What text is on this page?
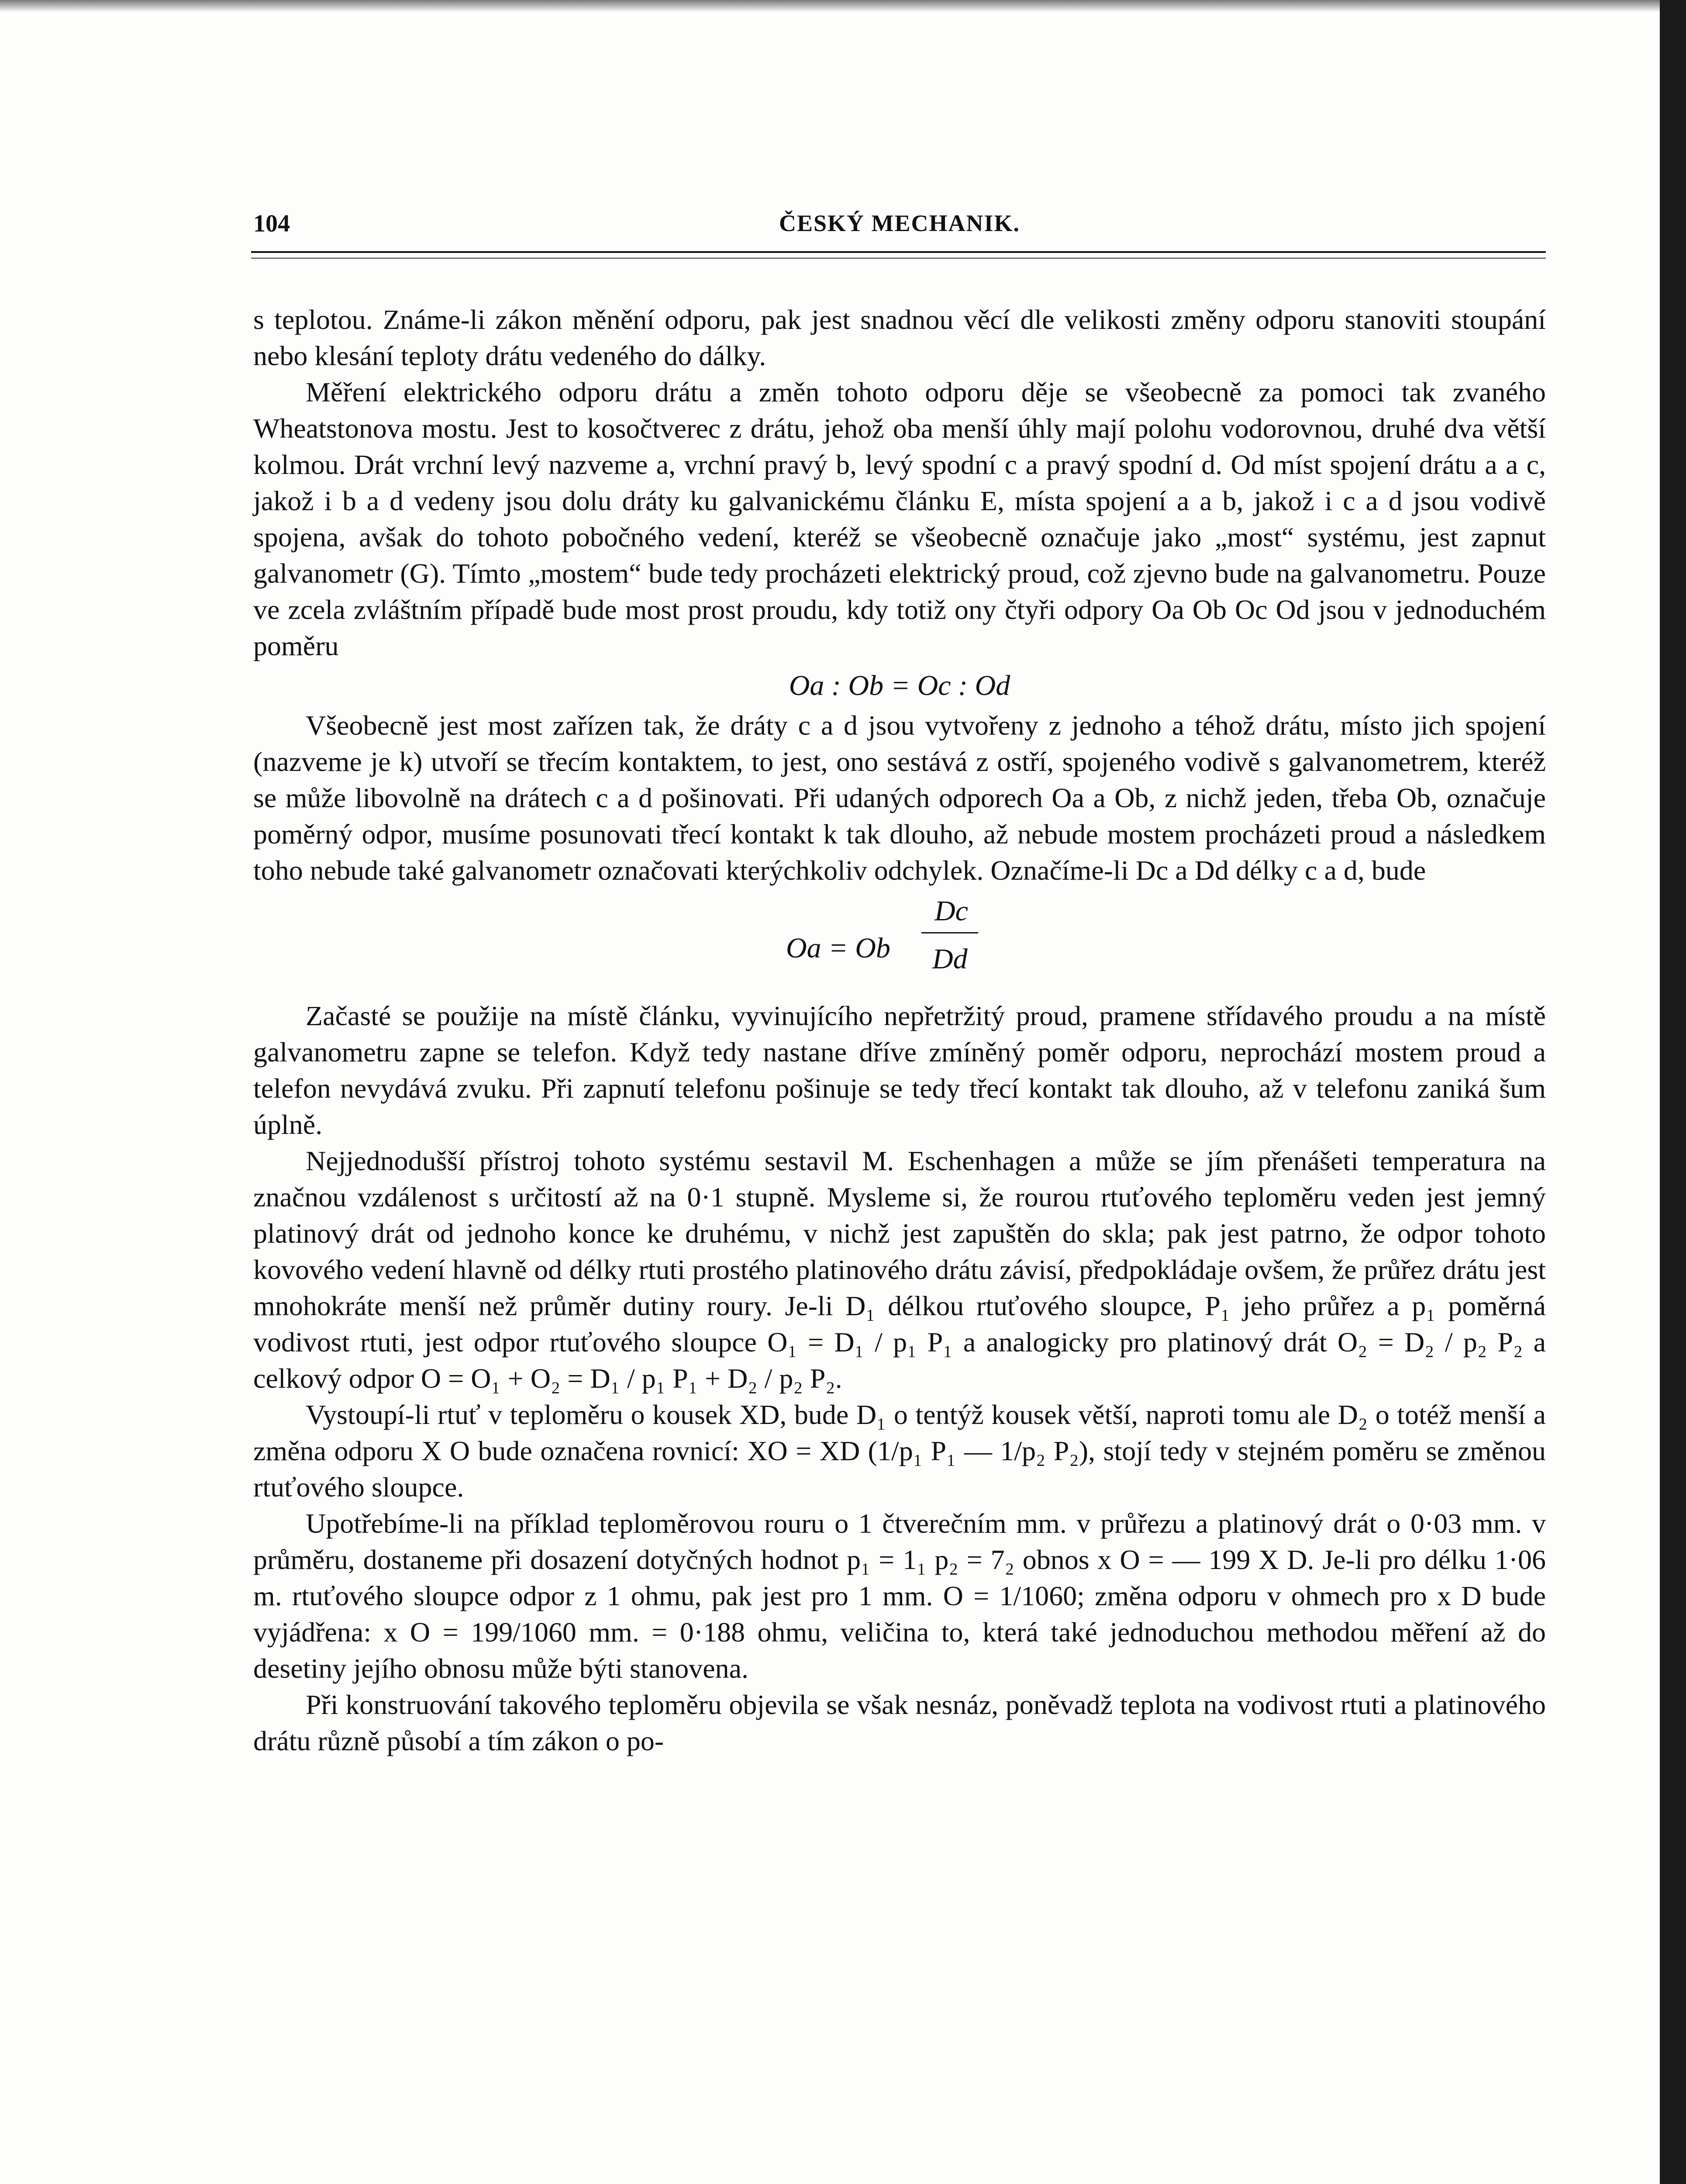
104	ČESKÝ MECHANIK.

s teplotou. Známe-li zákon měnění odporu, pak jest snadnou věcí dle velikosti změny odporu stanoviti stoupání nebo klesání teploty drátu vedeného do dálky.

Měření elektrického odporu drátu a změn tohoto odporu děje se všeobecně za pomoci tak zvaného Wheatstonova mostu. Jest to kosočtverec z drátu, jehož oba menší úhly mají polohu vodorovnou, druhé dva větší kolmou. Drát vrchní levý nazveme a, vrchní pravý b, levý spodní c a pravý spodní d. Od míst spojení drátu a a c, jakož i b a d vedeny jsou dolu dráty ku galvanickému článku E, místa spojení a a b, jakož i c a d jsou vodivě spojena, avšak do tohoto pobočného vedení, kteréž se všeobecně označuje jako „most“ systému, jest zapnut galvanometr (G). Tímto „mostem“ bude tedy procházeti elektrický proud, což zjevno bude na galvanometru. Pouze ve zcela zvláštním případě bude most prost proudu, kdy totiž ony čtyři odpory Oa Ob Oc Od jsou v jednoduchém poměru

Oa : Ob = Oc : Od

Všeobecně jest most zařízen tak, že dráty c a d jsou vytvořeny z jednoho a téhož drátu, místo jich spojení (nazveme je k) utvoří se třecím kontaktem, to jest, ono sestává z ostří, spojeného vodivě s galvanometrem, kteréž se může libovolně na drátech c a d pošinovati. Při udaných odporech Oa a Ob, z nichž jeden, třeba Ob, označuje poměrný odpor, musíme posunovati třecí kontakt k tak dlouho, až nebude mostem procházeti proud a následkem toho nebude také galvanometr označovati kterýchkoliv odchylek. Označíme-li Dc a Dd délky c a d, bude

Oa = Ob
Dc
Dd

Začasté se použije na místě článku, vyvinujícího nepřetržitý proud, pramene střídavého proudu a na místě galvanometru zapne se telefon. Když tedy nastane dříve zmíněný poměr odporu, neprochází mostem proud a telefon nevydává zvuku. Při zapnutí telefonu pošinuje se tedy třecí kontakt tak dlouho, až v telefonu zaniká šum úplně.

Nejjednodušší přístroj tohoto systému sestavil M. Eschenhagen a může se jím přenášeti temperatura na značnou vzdálenost s určitostí až na 0·1 stupně. Mysleme si, že rourou rtuťového teploměru veden jest jemný platinový drát od jednoho konce ke druhému, v nichž jest zapuštěn do skla; pak jest patrno, že odpor tohoto kovového vedení hlavně od délky rtuti prostého platinového drátu závisí, předpokládaje ovšem, že průřez drátu jest mnohokráte menší než průměr dutiny roury. Je-li D₁ délkou rtuťového sloupce, P₁ jeho průřez a p₁ poměrná vodivost rtuti, jest odpor rtuťového sloupce O₁ = D₁ / p₁ P₁ a analogicky pro platinový drát O₂ = D₂ / p₂ P₂ a celkový odpor O = O₁ + O₂ = D₁ / p₁ P₁ + D₂ / p₂ P₂.

Vystoupí-li rtuť v teploměru o kousek XD, bude D₁ o tentýž kousek větší, naproti tomu ale D₂ o totéž menší a změna odporu X O bude označena rovnicí: XO = XD (1/p₁ P₁ — 1/p₂ P₂), stojí tedy v stejném poměru se změnou rtuťového sloupce.

Upotřebíme-li na příklad teploměrovou rouru o 1 čtverečním mm. v průřezu a platinový drát o 0·03 mm. v průměru, dostaneme při dosazení dotyčných hodnot p₁ = 1₁ p₂ = 7₂ obnos x O = — 199 X D. Je-li pro délku 1·06 m. rtuťového sloupce odpor z 1 ohmu, pak jest pro 1 mm. O = 1/1060; změna odporu v ohmech pro x D bude vyjádřena: x O = 199/1060 mm. = 0·188 ohmu, veličina to, která také jednoduchou methodou měření až do desetiny jejího obnosu může býti stanovena.

Při konstruování takového teploměru objevila se však nesnáz, poněvadž teplota na vodivost rtuti a platinového drátu různě působí a tím zákon o po-
